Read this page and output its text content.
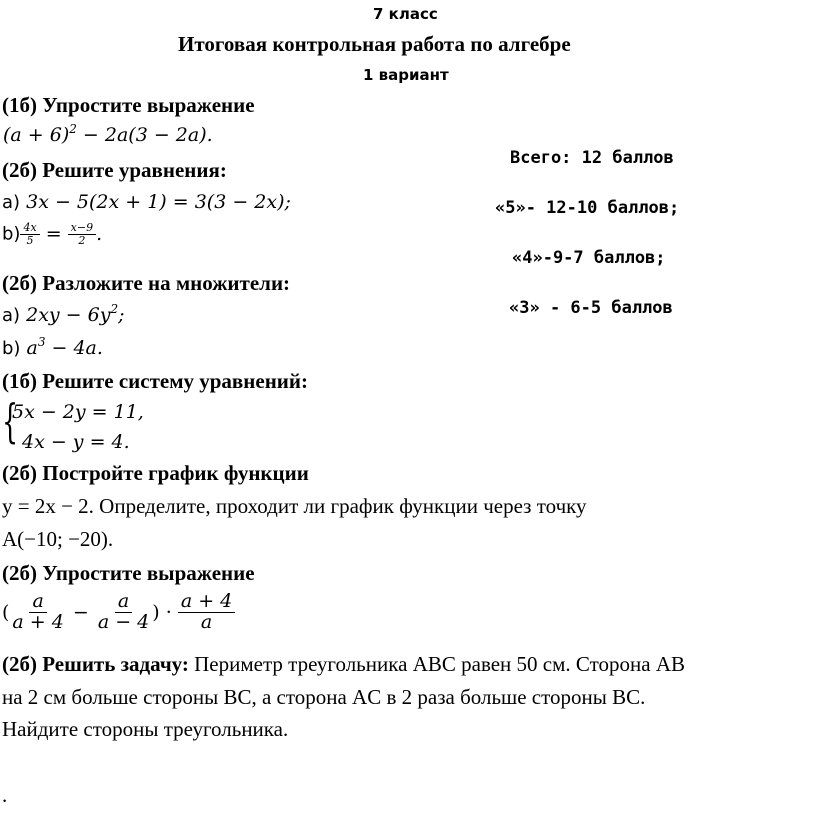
7 класс
Итоговая контрольная работа по алгебре
1 вариант
(1б) Упростите выражение
$(a + 6)^2 - 2a(3 - 2a)$.
(2б) Решите уравнения:
a) 3x − 5(2x + 1) = 3(3 − 2x);
$b) \frac{4x}{5} = \frac{x-9}{2}$ .
(2б) Разложите на множители:
a) $2xy - 6y^2$;
b) $a^3 - 4a$.
(1б) Решите систему уравнений:
{
5x − 2y = 11,
4x − y = 4.
(2б) Постройте график функции
y = 2x − 2. Определите, проходит ли график функции через точку
A(−10; −20).
(2б) Упростите выражение
( $\frac{a}{a + 4} - \frac{a}{a - 4}$ ) · $\frac{a + 4}{a}$
(2б) Решить задачу: Периметр треугольника ABC равен 50 см. Сторона AB
на 2 см больше стороны BC, а сторона AC в 2 раза больше стороны BC.
Найдите стороны треугольника.
Всего: 12 баллов
«5»- 12-10 баллов;
«4»-9-7 баллов;
«3» - 6-5 баллов
.
